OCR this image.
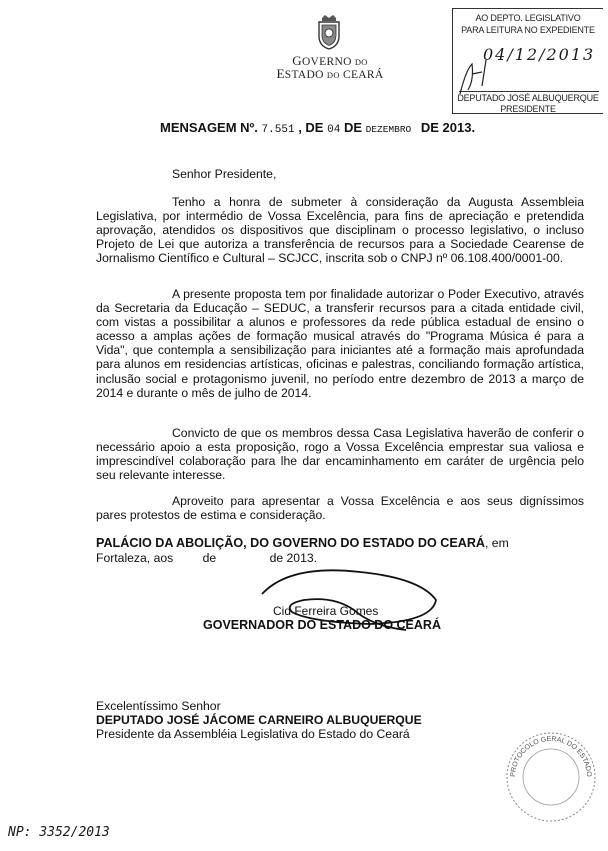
GOVERNO DO
ESTADO DO CEARÁ
AO DEPTO. LEGISLATIVO
PARA LEITURA NO EXPEDIENTE
04/12/2013
DEPUTADO JOSÉ ALBUQUERQUE
PRESIDENTE
MENSAGEM Nº. 7.551 , DE 04 DE DEZEMBRO DE 2013.
Senhor Presidente,
Tenho a honra de submeter à consideração da Augusta Assembleia Legislativa, por intermédio de Vossa Excelência, para fins de apreciação e pretendida aprovação, atendidos os dispositivos que disciplinam o processo legislativo, o incluso Projeto de Lei que autoriza a transferência de recursos para a Sociedade Cearense de Jornalismo Científico e Cultural – SCJCC, inscrita sob o CNPJ nº 06.108.400/0001-00.
A presente proposta tem por finalidade autorizar o Poder Executivo, através da Secretaria da Educação – SEDUC, a transferir recursos para a citada entidade civil, com vistas a possibilitar a alunos e professores da rede pública estadual de ensino o acesso a amplas ações de formação musical através do "Programa Música é para a Vida", que contempla a sensibilização para iniciantes até a formação mais aprofundada para alunos em residencias artísticas, oficinas e palestras, conciliando formação artística, inclusão social e protagonismo juvenil, no período entre dezembro de 2013 a março de 2014 e durante o mês de julho de 2014.
Convicto de que os membros dessa Casa Legislativa haverão de conferir o necessário apoio a esta proposição, rogo a Vossa Excelência emprestar sua valiosa e imprescindível colaboração para lhe dar encaminhamento em caráter de urgência pelo seu relevante interesse.
Aproveito para apresentar a Vossa Excelência e aos seus digníssimos pares protestos de estima e consideração.
PALÁCIO DA ABOLIÇÃO, DO GOVERNO DO ESTADO DO CEARÁ, em
Fortaleza, aos de	de 2013.
Cid Ferreira Gomes
GOVERNADOR DO ESTADO DO CEARÁ
Excelentíssimo Senhor
DEPUTADO JOSÉ JÁCOME CARNEIRO ALBUQUERQUE
Presidente da Assembléia Legislativa do Estado do Ceará
PROTOCOLO GERAL DO ESTADO
NP: 3352/2013
